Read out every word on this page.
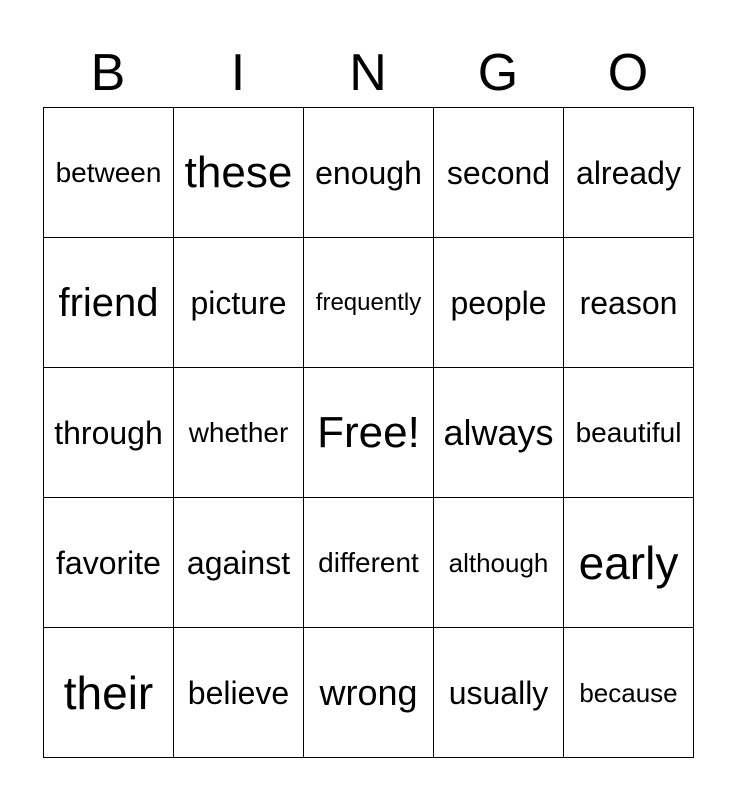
B	I	N	G	O
between these enough second already
friend picture	frequently people	reason
through whether Free! always beautiful
favorite against	different	although early
their	believe wrong usually	because
